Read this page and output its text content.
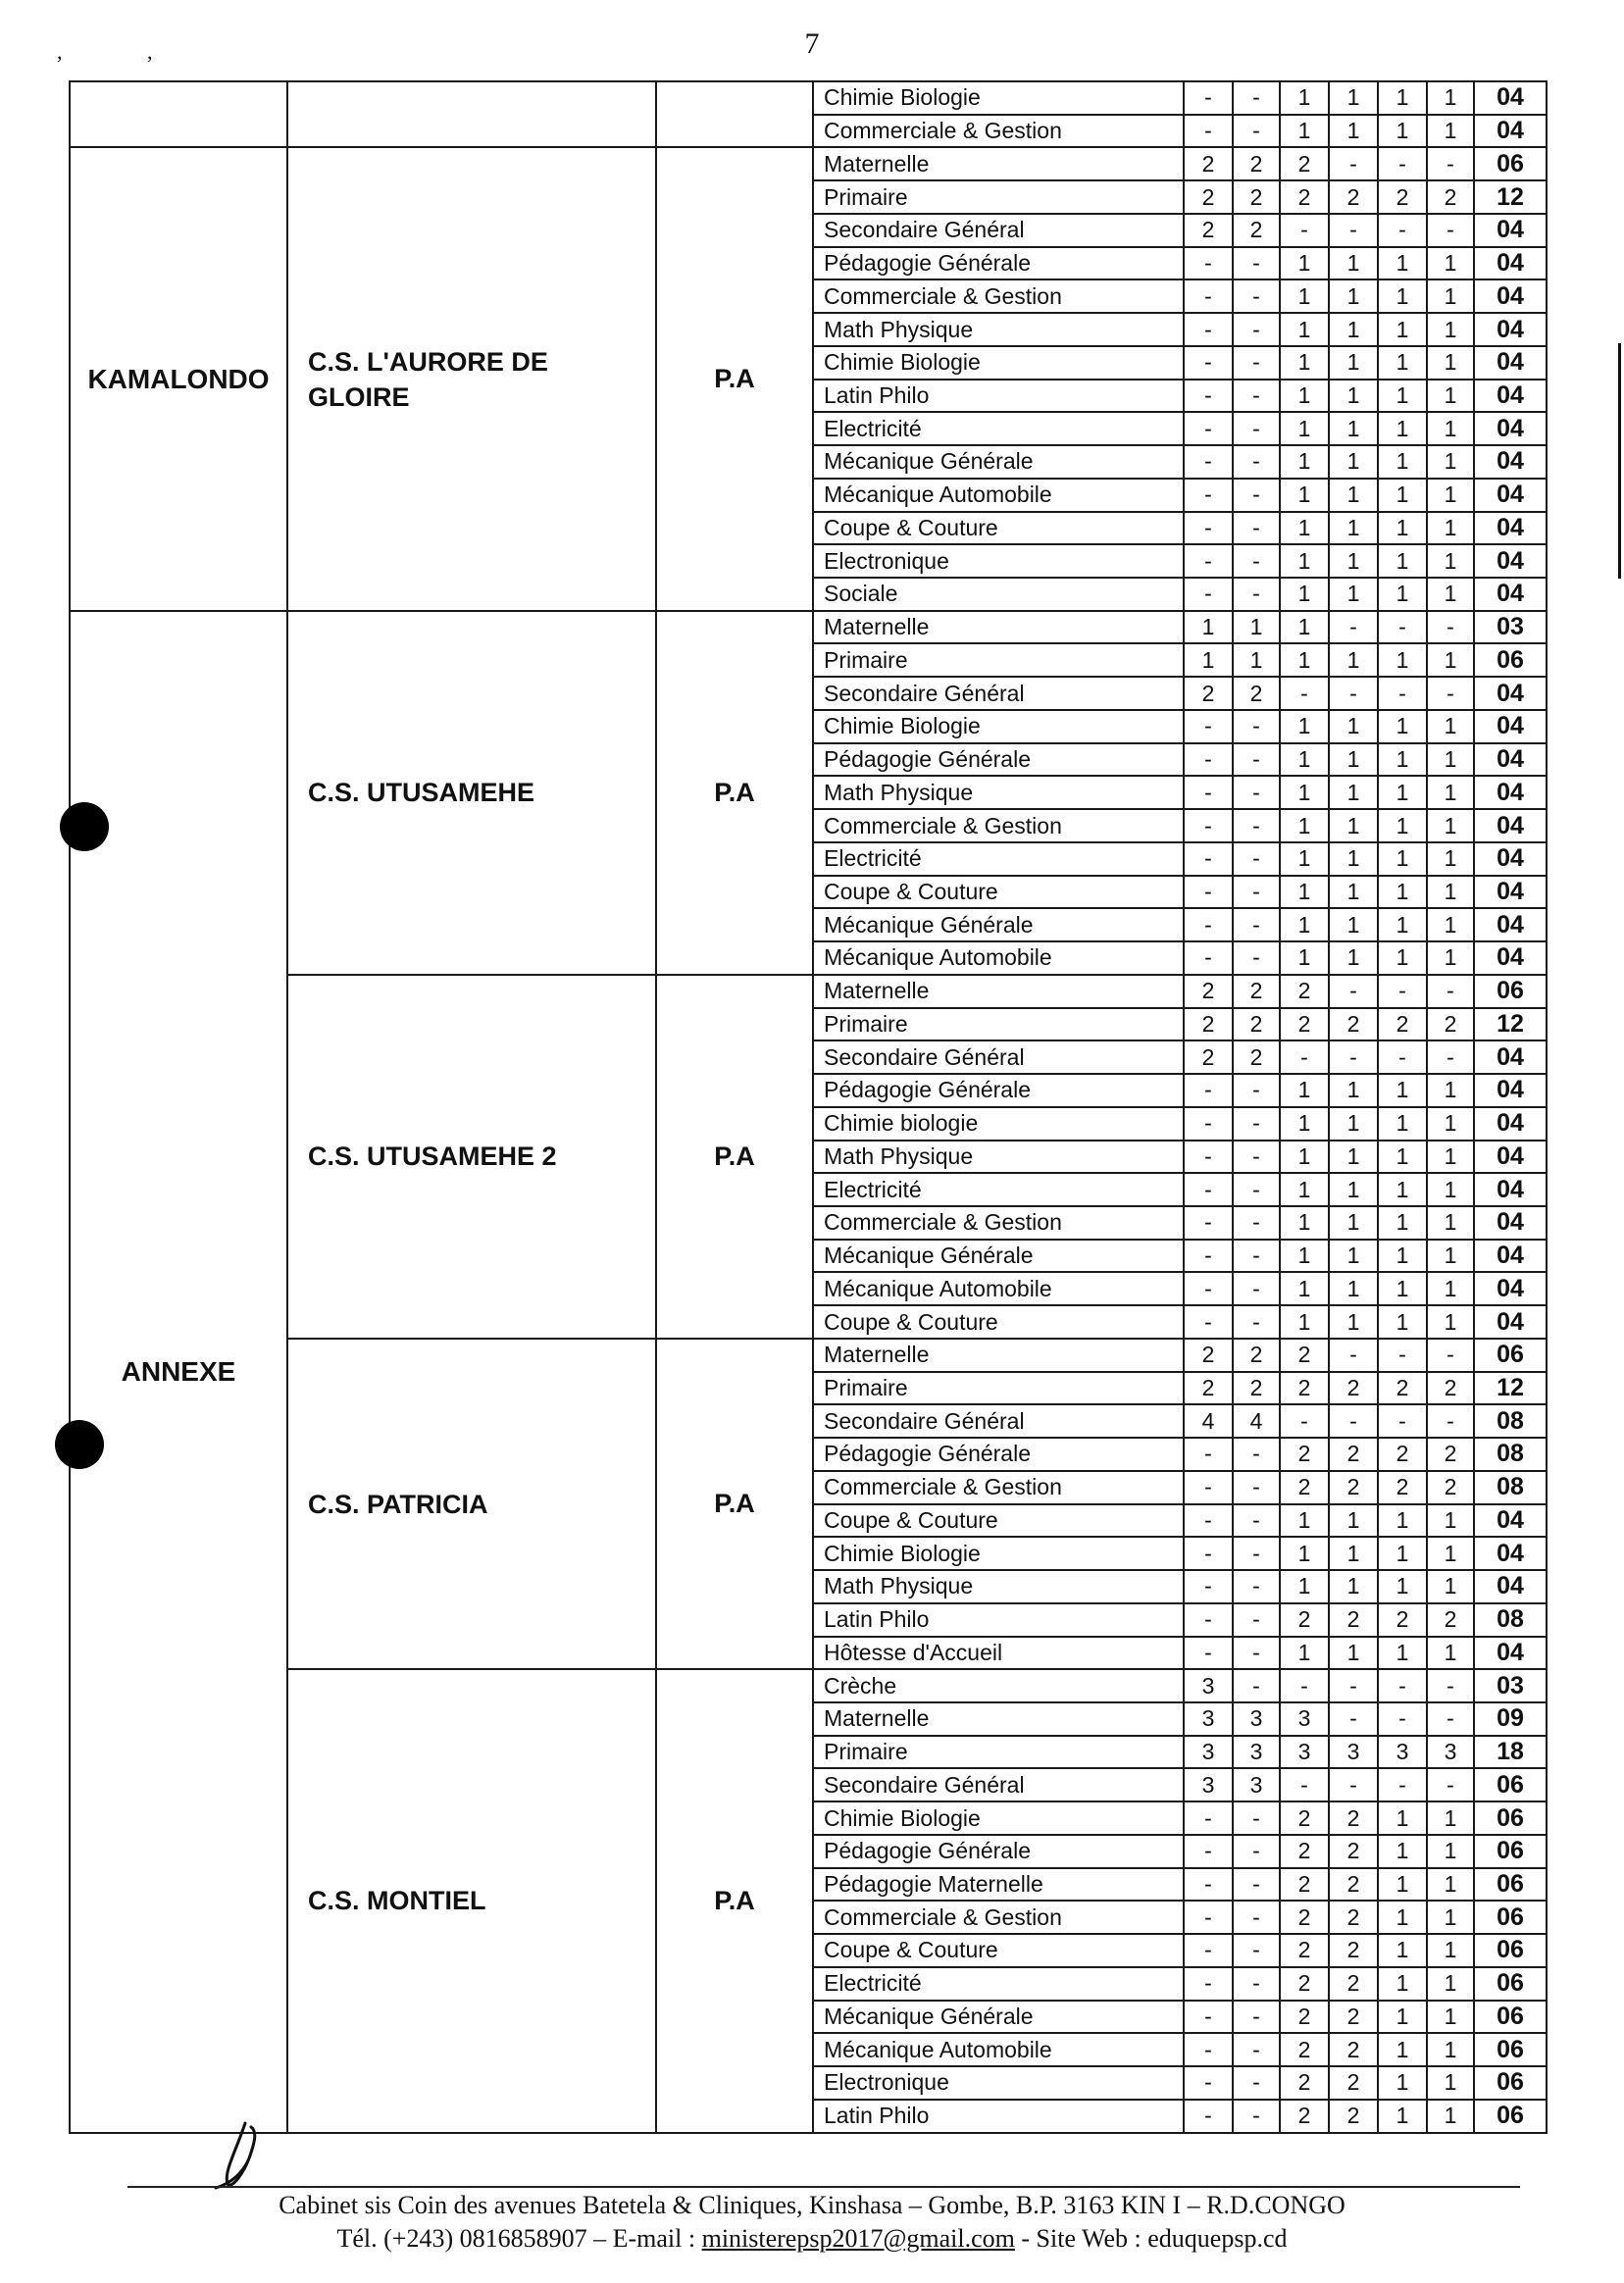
7
,	,
			Chimie Biologie	-	-	1	1	1	1	04
			Commerciale & Gestion	-	-	1	1	1	1	04
KAMALONDO	C.S. L'AURORE DE GLOIRE	P.A	Maternelle	2	2	2	-	-	-	06
			Primaire	2	2	2	2	2	2	12
			Secondaire Général	2	2	-	-	-	-	04
			Pédagogie Générale	-	-	1	1	1	1	04
			Commerciale & Gestion	-	-	1	1	1	1	04
			Math Physique	-	-	1	1	1	1	04
			Chimie Biologie	-	-	1	1	1	1	04
			Latin Philo	-	-	1	1	1	1	04
			Electricité	-	-	1	1	1	1	04
			Mécanique Générale	-	-	1	1	1	1	04
			Mécanique Automobile	-	-	1	1	1	1	04
			Coupe & Couture	-	-	1	1	1	1	04
			Electronique	-	-	1	1	1	1	04
			Sociale	-	-	1	1	1	1	04
ANNEXE	C.S. UTUSAMEHE	P.A	Maternelle	1	1	1	-	-	-	03
			Primaire	1	1	1	1	1	1	06
			Secondaire Général	2	2	-	-	-	-	04
			Chimie Biologie	-	-	1	1	1	1	04
			Pédagogie Générale	-	-	1	1	1	1	04
			Math Physique	-	-	1	1	1	1	04
			Commerciale & Gestion	-	-	1	1	1	1	04
			Electricité	-	-	1	1	1	1	04
			Coupe & Couture	-	-	1	1	1	1	04
			Mécanique Générale	-	-	1	1	1	1	04
			Mécanique Automobile	-	-	1	1	1	1	04
	C.S. UTUSAMEHE 2	P.A	Maternelle	2	2	2	-	-	-	06
			Primaire	2	2	2	2	2	2	12
			Secondaire Général	2	2	-	-	-	-	04
			Pédagogie Générale	-	-	1	1	1	1	04
			Chimie biologie	-	-	1	1	1	1	04
			Math Physique	-	-	1	1	1	1	04
			Electricité	-	-	1	1	1	1	04
			Commerciale & Gestion	-	-	1	1	1	1	04
			Mécanique Générale	-	-	1	1	1	1	04
			Mécanique Automobile	-	-	1	1	1	1	04
			Coupe & Couture	-	-	1	1	1	1	04
	C.S. PATRICIA	P.A	Maternelle	2	2	2	-	-	-	06
			Primaire	2	2	2	2	2	2	12
			Secondaire Général	4	4	-	-	-	-	08
			Pédagogie Générale	-	-	2	2	2	2	08
			Commerciale & Gestion	-	-	2	2	2	2	08
			Coupe & Couture	-	-	1	1	1	1	04
			Chimie Biologie	-	-	1	1	1	1	04
			Math Physique	-	-	1	1	1	1	04
			Latin Philo	-	-	2	2	2	2	08
			Hôtesse d'Accueil	-	-	1	1	1	1	04
	C.S. MONTIEL	P.A	Crèche	3	-	-	-	-	-	03
			Maternelle	3	3	3	-	-	-	09
			Primaire	3	3	3	3	3	3	18
			Secondaire Général	3	3	-	-	-	-	06
			Chimie Biologie	-	-	2	2	1	1	06
			Pédagogie Générale	-	-	2	2	1	1	06
			Pédagogie Maternelle	-	-	2	2	1	1	06
			Commerciale & Gestion	-	-	2	2	1	1	06
			Coupe & Couture	-	-	2	2	1	1	06
			Electricité	-	-	2	2	1	1	06
			Mécanique Générale	-	-	2	2	1	1	06
			Mécanique Automobile	-	-	2	2	1	1	06
			Electronique	-	-	2	2	1	1	06
			Latin Philo	-	-	2	2	1	1	06
Cabinet sis Coin des avenues Batetela & Cliniques, Kinshasa – Gombe, B.P. 3163 KIN I – R.D.CONGO
Tél. (+243) 0816858907 – E-mail : ministerepsp2017@gmail.com - Site Web : eduquepsp.cd
